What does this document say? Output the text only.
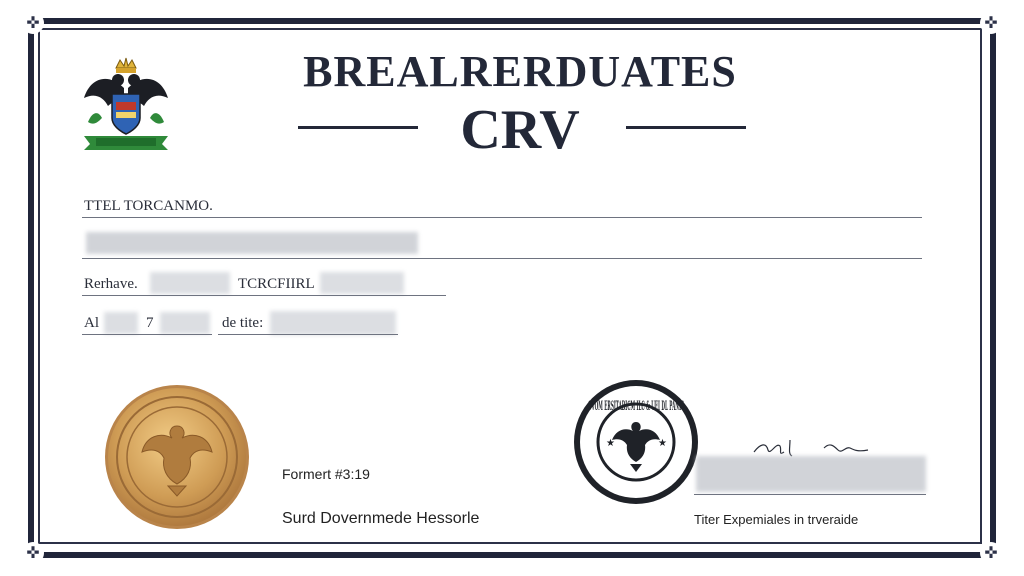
✜	✜
✜	✜
BREALRERDUATES
CRV
TTEL TORCANMO.
Rerhave.	TCRCFIIRL
Al	7	de tite:
Formert #3:19
Surd Dovernmede Hessorle
OVOM ERSITABICM ILC & UEI DL PANIS
★	★
Titer Expemiales in trveraide
